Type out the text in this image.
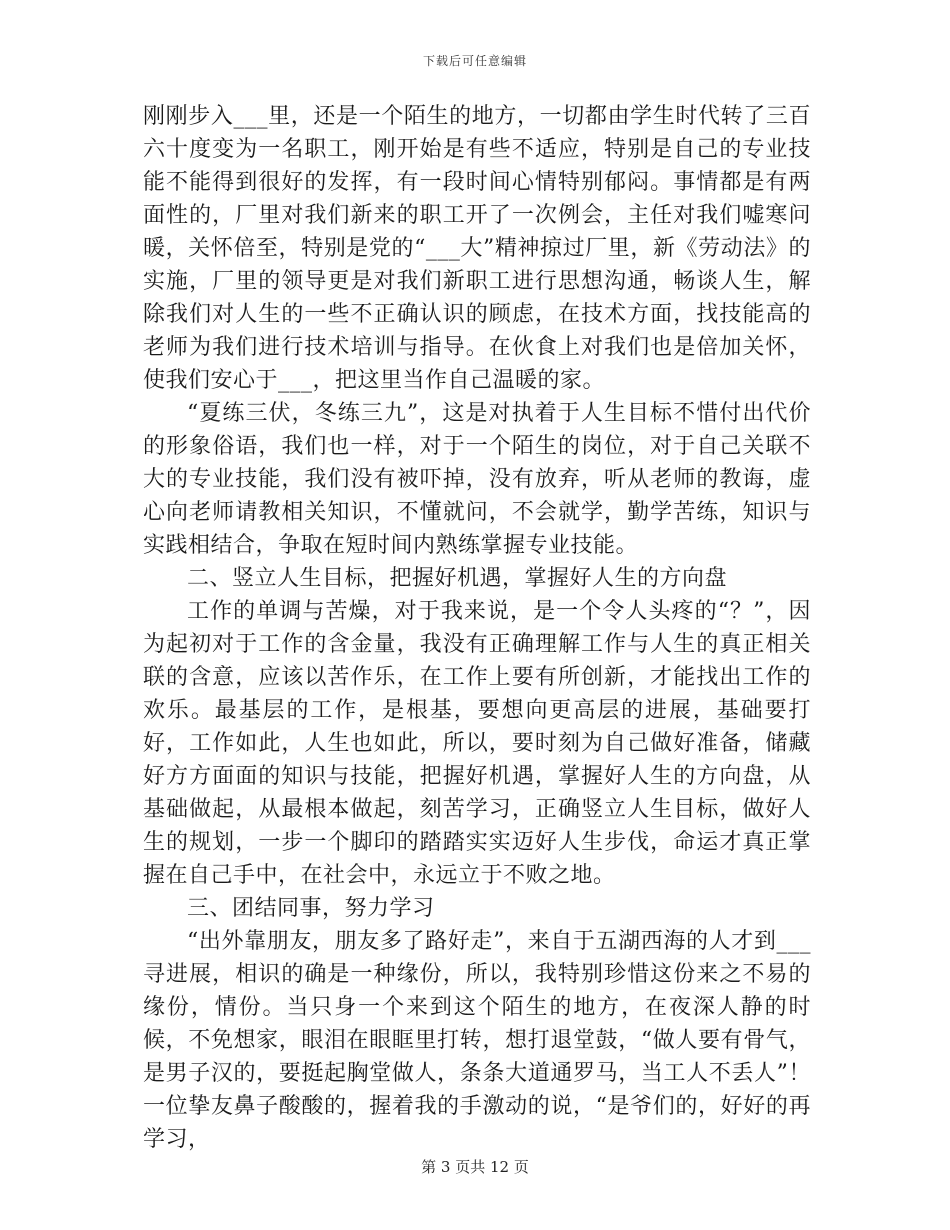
下载后可任意编辑

刚刚步入___里，还是一个陌生的地方，一切都由学生时代转了三百六十度变为一名职工，刚开始是有些不适应，特别是自己的专业技能不能得到很好的发挥，有一段时间心情特别郁闷。事情都是有两面性的，厂里对我们新来的职工开了一次例会，主任对我们嘘寒问暖，关怀倍至，特别是党的“___大”精神掠过厂里，新《劳动法》的实施，厂里的领导更是对我们新职工进行思想沟通，畅谈人生，解除我们对人生的一些不正确认识的顾虑，在技术方面，找技能高的老师为我们进行技术培训与指导。在伙食上对我们也是倍加关怀，使我们安心于___，把这里当作自己温暖的家。

“夏练三伏，冬练三九”，这是对执着于人生目标不惜付出代价的形象俗语，我们也一样，对于一个陌生的岗位，对于自己关联不大的专业技能，我们没有被吓掉，没有放弃，听从老师的教诲，虚心向老师请教相关知识，不懂就问，不会就学，勤学苦练，知识与实践相结合，争取在短时间内熟练掌握专业技能。

二、竖立人生目标，把握好机遇，掌握好人生的方向盘

工作的单调与苦燥，对于我来说，是一个令人头疼的“？”，因为起初对于工作的含金量，我没有正确理解工作与人生的真正相关联的含意，应该以苦作乐，在工作上要有所创新，才能找出工作的欢乐。最基层的工作，是根基，要想向更高层的进展，基础要打好，工作如此，人生也如此，所以，要时刻为自己做好准备，储藏好方方面面的知识与技能，把握好机遇，掌握好人生的方向盘，从基础做起，从最根本做起，刻苦学习，正确竖立人生目标，做好人生的规划，一步一个脚印的踏踏实实迈好人生步伐，命运才真正掌握在自己手中，在社会中，永远立于不败之地。

三、团结同事，努力学习

“出外靠朋友，朋友多了路好走”，来自于五湖西海的人才到___寻进展，相识的确是一种缘份，所以，我特别珍惜这份来之不易的缘份，情份。当只身一个来到这个陌生的地方，在夜深人静的时候，不免想家，眼泪在眼眶里打转，想打退堂鼓，“做人要有骨气，是男子汉的，要挺起胸堂做人，条条大道通罗马，当工人不丢人”！一位挚友鼻子酸酸的，握着我的手激动的说，“是爷们的，好好的再学习，

第 3 页共 12 页
